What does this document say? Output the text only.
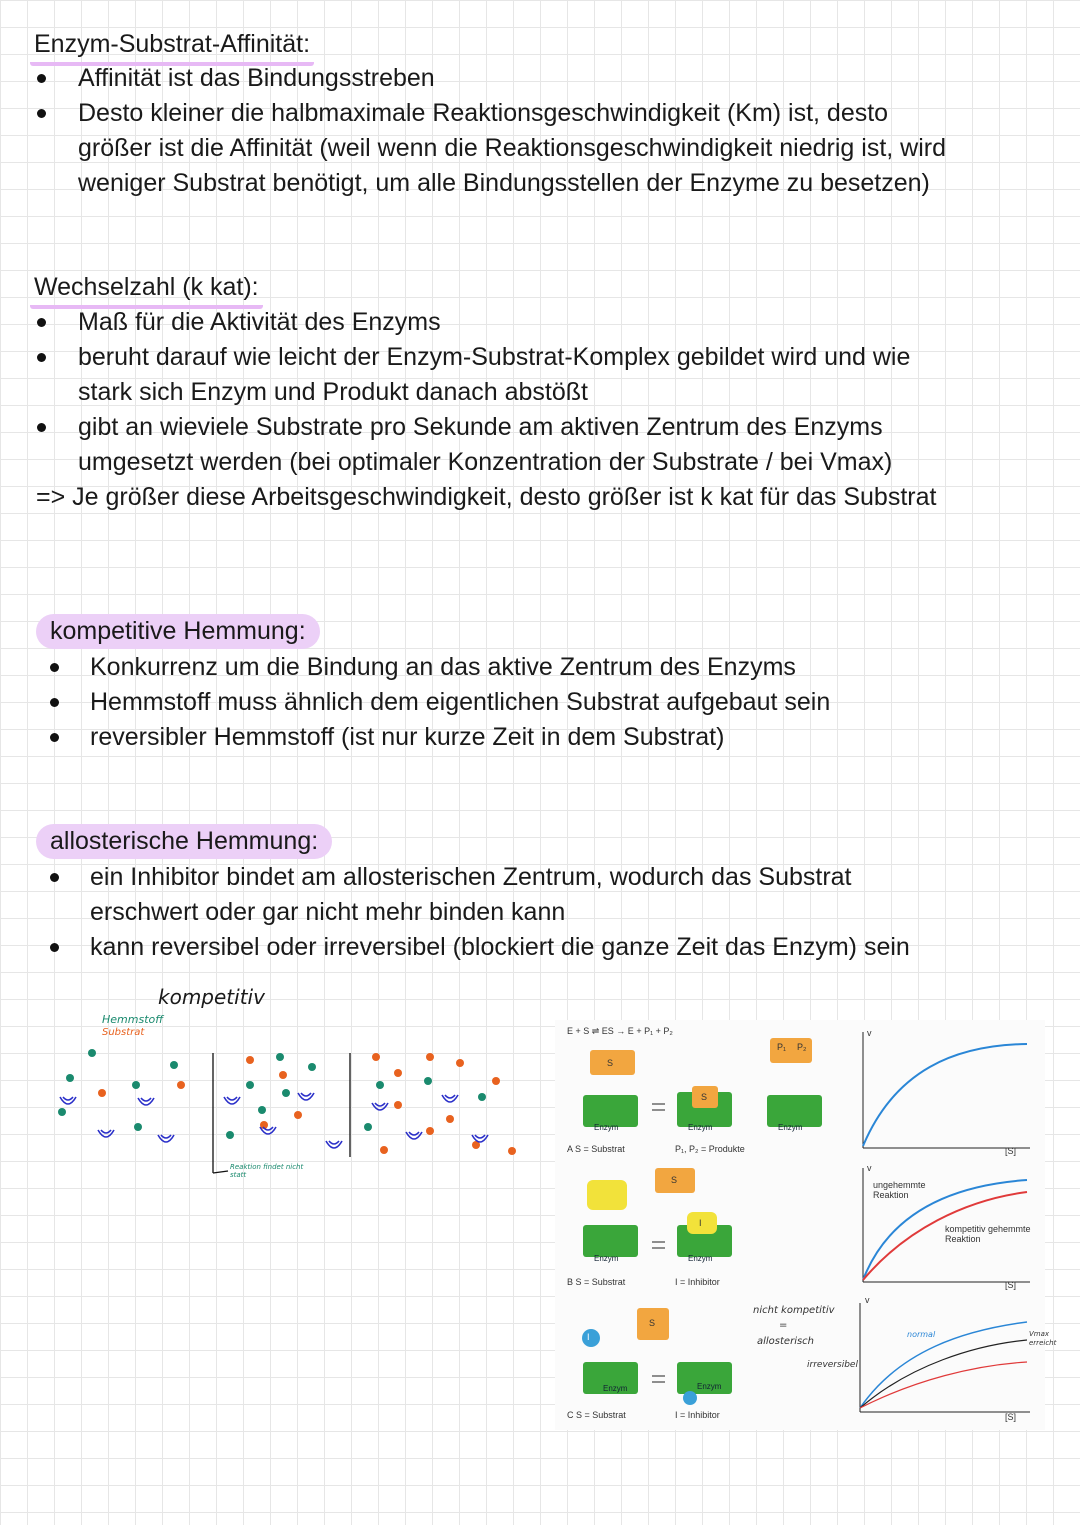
Enzym-Substrat-Affinität:
Affinität ist das Bindungsstreben
Desto kleiner die halbmaximale Reaktionsgeschwindigkeit (Km) ist, desto
größer ist die Affinität (weil wenn die Reaktionsgeschwindigkeit niedrig ist, wird
weniger Substrat benötigt, um alle Bindungsstellen der Enzyme zu besetzen)
Wechselzahl (k kat):
Maß für die Aktivität des Enzyms
beruht darauf wie leicht der Enzym-Substrat-Komplex gebildet wird und wie
stark sich Enzym und Produkt danach abstößt
gibt an wieviele Substrate pro Sekunde am aktiven Zentrum des Enzyms
umgesetzt werden (bei optimaler Konzentration der Substrate / bei Vmax)
=> Je größer diese Arbeitsgeschwindigkeit, desto größer ist k kat für das Substrat
kompetitive Hemmung:
Konkurrenz um die Bindung an das aktive Zentrum des Enzyms
Hemmstoff muss ähnlich dem eigentlichen Substrat aufgebaut sein
reversibler Hemmstoff (ist nur kurze Zeit in dem Substrat)
allosterische Hemmung:
ein Inhibitor bindet am allosterischen Zentrum, wodurch das Substrat
erschwert oder gar nicht mehr binden kann
kann reversibel oder irreversibel (blockiert die ganze Zeit das Enzym) sein
kompetitiv
Hemmstoff
Substrat
Reaktion findet nicht statt
E + S ⇌ ES → E + P₁ + P₂
Enzym	Enzym	Enzym
S
S
P₁ P₂
A S = Substrat	P₁, P₂ = Produkte
Enzym	Enzym
S
I
B S = Substrat	I = Inhibitor
Enzym	Enzym
S
I
C S = Substrat	I = Inhibitor
v
[S]
v
[S]
ungehemmte Reaktion
kompetitiv gehemmte Reaktion
v
[S]
nicht kompetitiv
=
allosterisch
irreversibel
normal	Vmax erreicht
